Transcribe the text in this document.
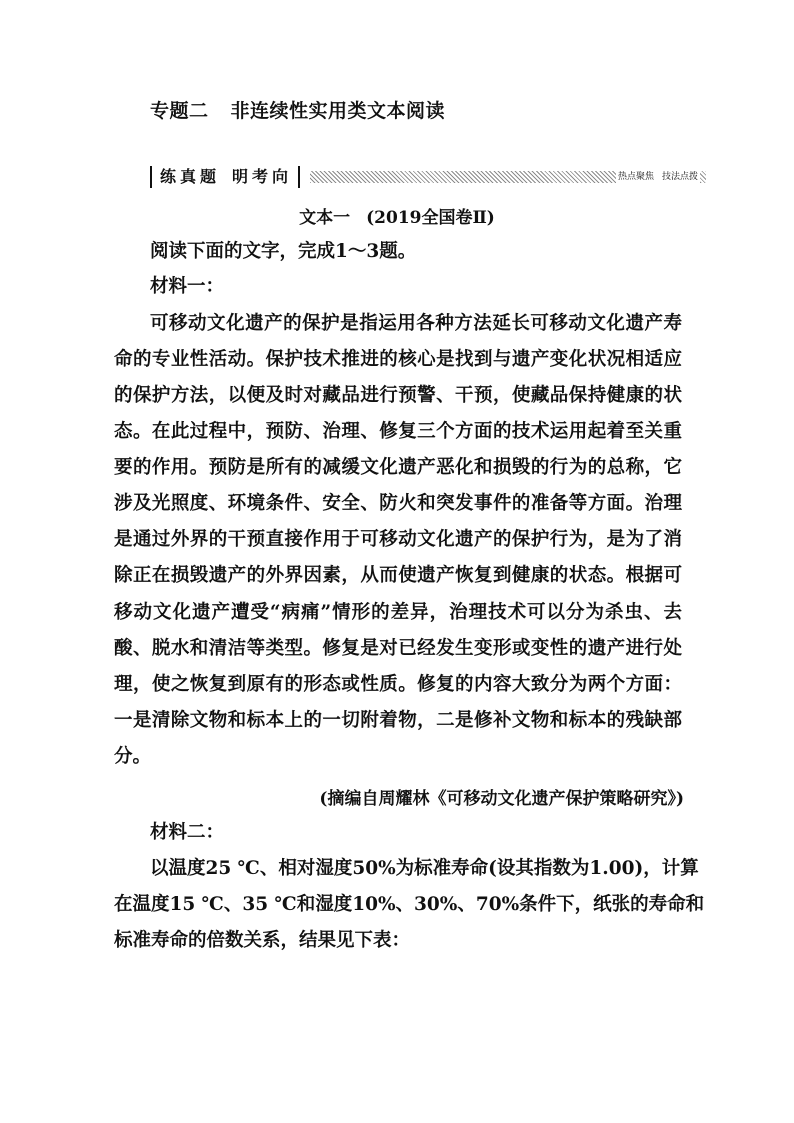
专题二 非连续性实用类文本阅读
练真题 明考向	热点聚焦 技法点拨
文本一 (2019全国卷Ⅱ)
阅读下面的文字，完成1～3题。
材料一：
可移动文化遗产的保护是指运用各种方法延长可移动文化遗产寿
命的专业性活动。保护技术推进的核心是找到与遗产变化状况相适应
的保护方法，以便及时对藏品进行预警、干预，使藏品保持健康的状
态。在此过程中，预防、治理、修复三个方面的技术运用起着至关重
要的作用。预防是所有的减缓文化遗产恶化和损毁的行为的总称，它
涉及光照度、环境条件、安全、防火和突发事件的准备等方面。治理
是通过外界的干预直接作用于可移动文化遗产的保护行为，是为了消
除正在损毁遗产的外界因素，从而使遗产恢复到健康的状态。根据可
移动文化遗产遭受“病痛”情形的差异，治理技术可以分为杀虫、去
酸、脱水和清洁等类型。修复是对已经发生变形或变性的遗产进行处
理，使之恢复到原有的形态或性质。修复的内容大致分为两个方面：
一是清除文物和标本上的一切附着物，二是修补文物和标本的残缺部
分。
(摘编自周耀林《可移动文化遗产保护策略研究》)
材料二：
以温度25 ℃、相对湿度50%为标准寿命(设其指数为1.00)，计算
在温度15 ℃、35 ℃和湿度10%、30%、70%条件下，纸张的寿命和
标准寿命的倍数关系，结果见下表：
